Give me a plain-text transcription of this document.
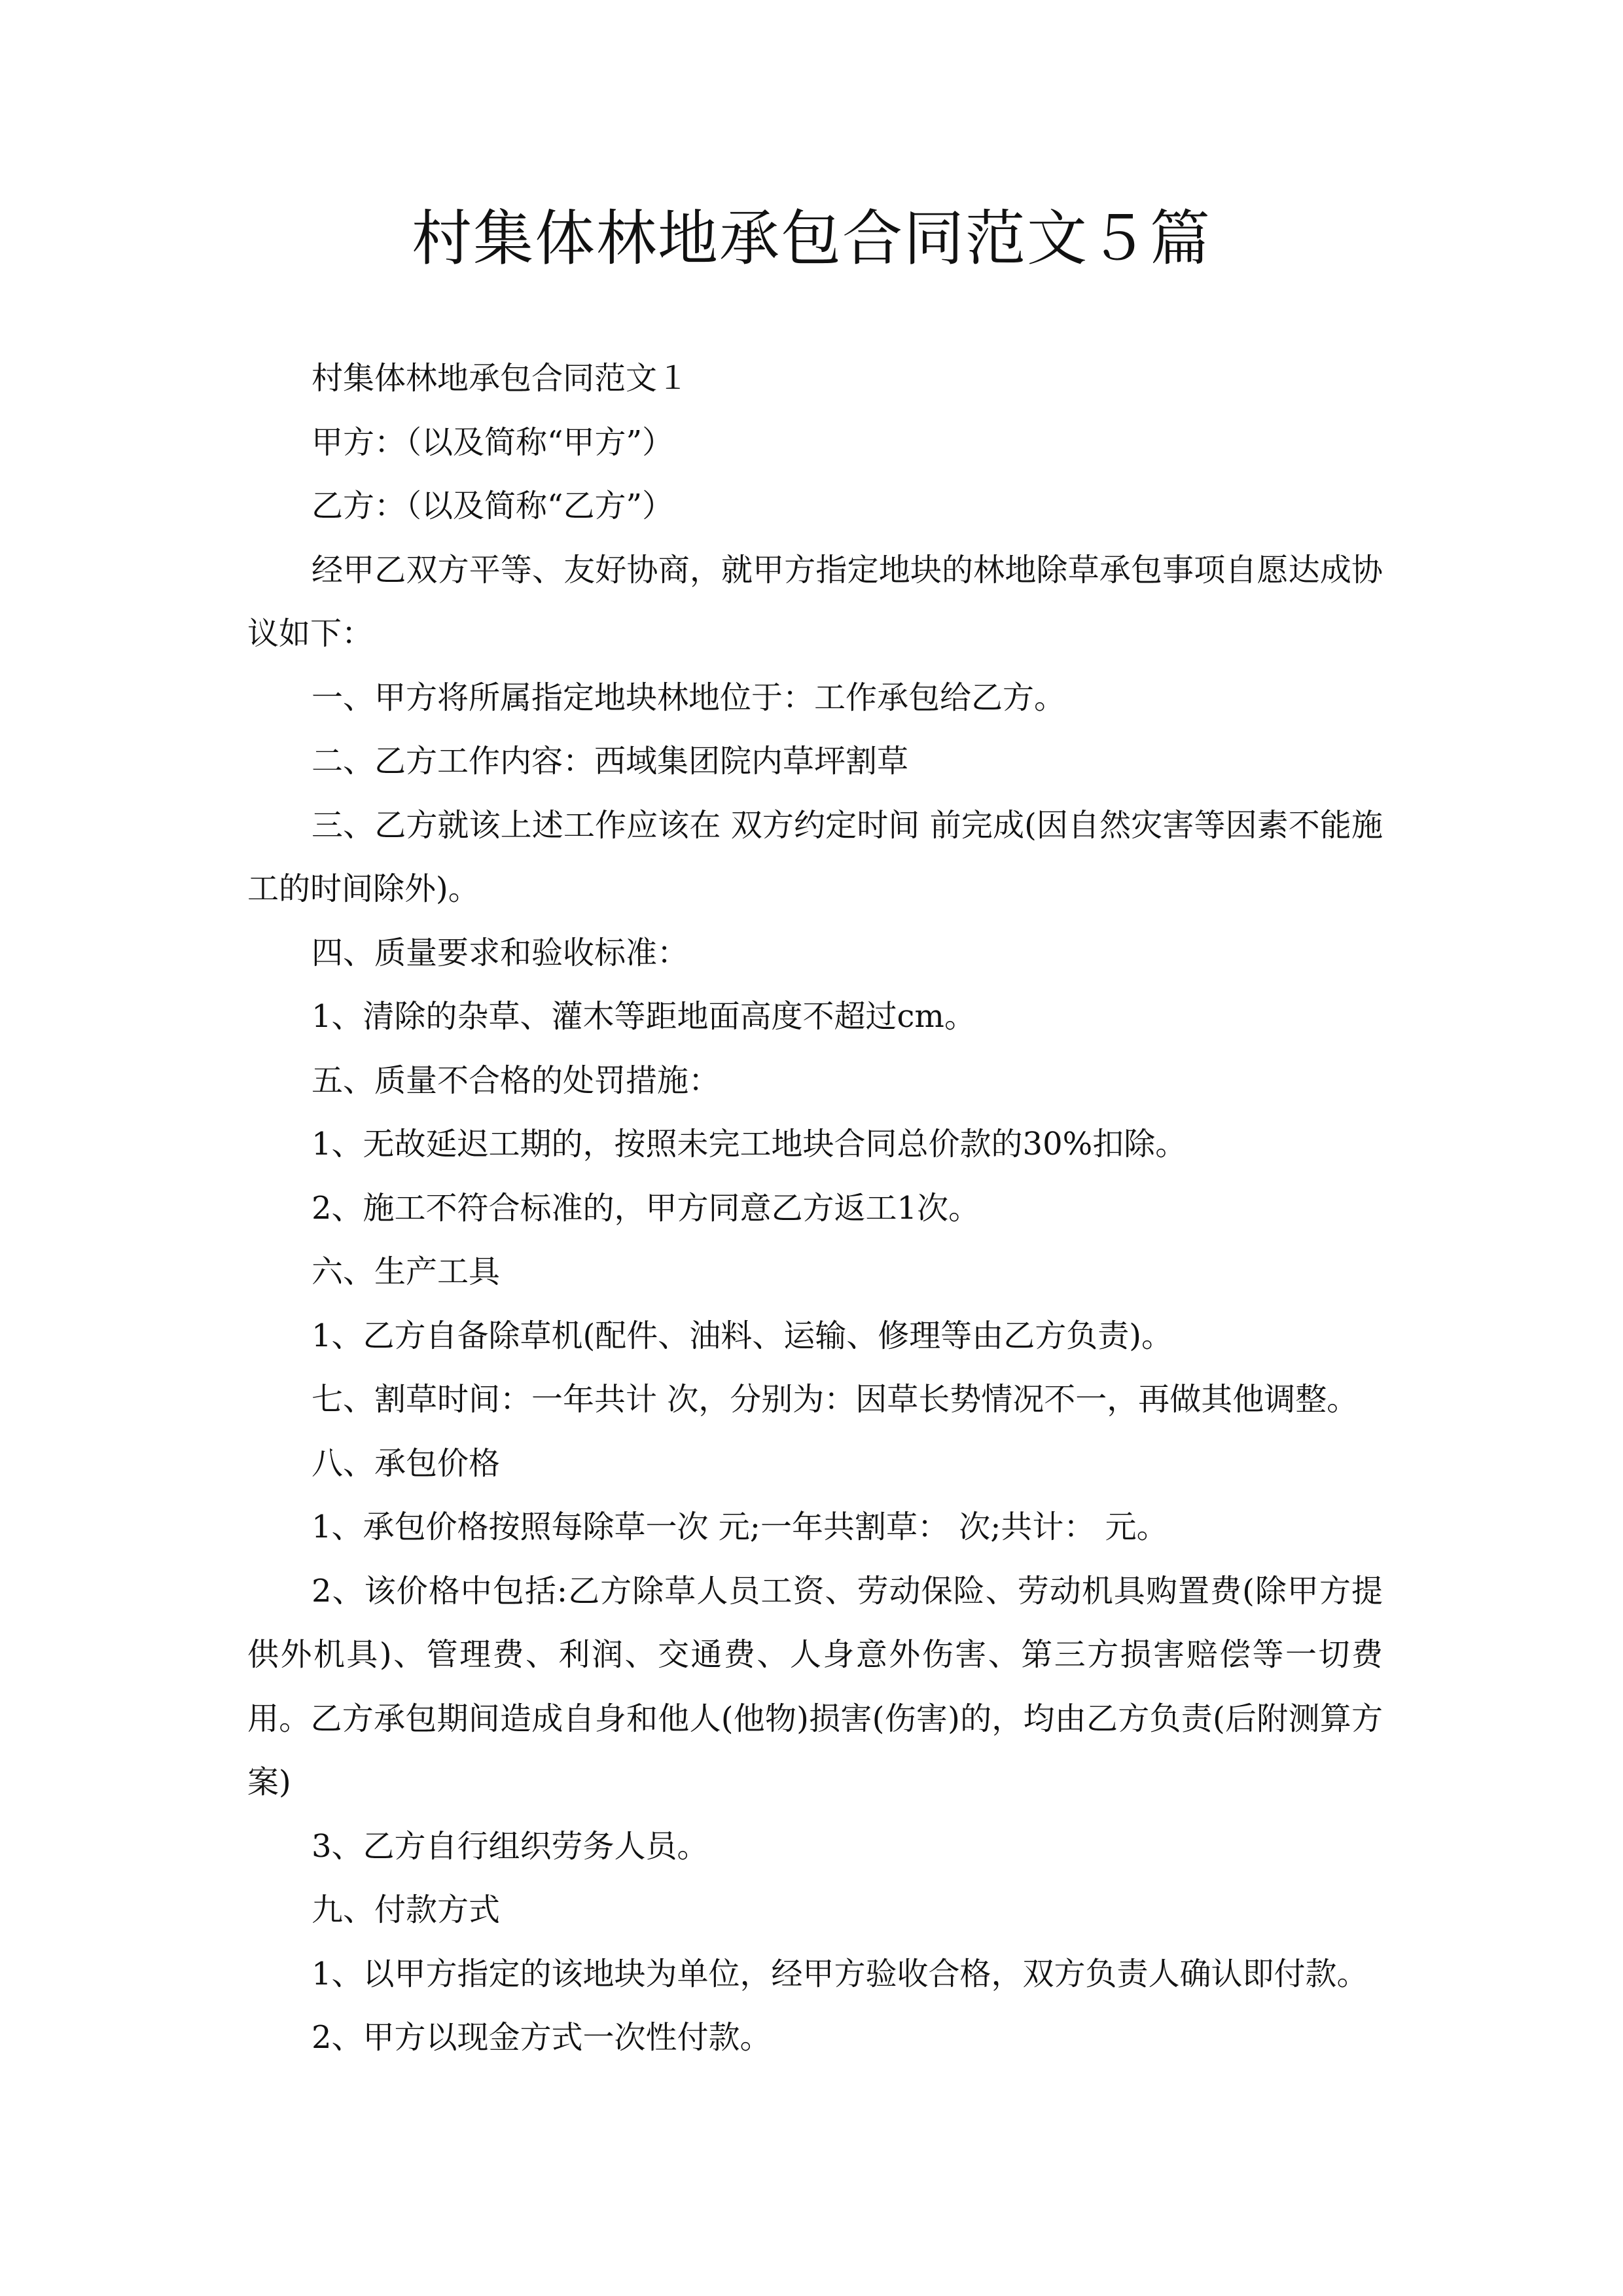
村集体林地承包合同范文５篇

村集体林地承包合同范文１

甲方：（以及简称“甲方”）

乙方：（以及简称“乙方”）

经甲乙双方平等、友好协商，就甲方指定地块的林地除草承包事项自愿达成协议如下：

一、甲方将所属指定地块林地位于：工作承包给乙方。

二、乙方工作内容：西域集团院内草坪割草

三、乙方就该上述工作应该在 双方约定时间 前完成(因自然灾害等因素不能施工的时间除外)。

四、质量要求和验收标准：

1、清除的杂草、灌木等距地面高度不超过cm。

五、质量不合格的处罚措施：

1、无故延迟工期的，按照未完工地块合同总价款的30%扣除。

2、施工不符合标准的，甲方同意乙方返工1次。

六、生产工具

1、乙方自备除草机(配件、油料、运输、修理等由乙方负责)。

七、割草时间：一年共计 次，分别为：因草长势情况不一，再做其他调整。

八、承包价格

1、承包价格按照每除草一次 元;一年共割草： 次;共计： 元。

2、该价格中包括:乙方除草人员工资、劳动保险、劳动机具购置费(除甲方提供外机具)、管理费、利润、交通费、人身意外伤害、第三方损害赔偿等一切费用。乙方承包期间造成自身和他人(他物)损害(伤害)的，均由乙方负责(后附测算方案)

3、乙方自行组织劳务人员。

九、付款方式

1、以甲方指定的该地块为单位，经甲方验收合格，双方负责人确认即付款。

2、甲方以现金方式一次性付款。
